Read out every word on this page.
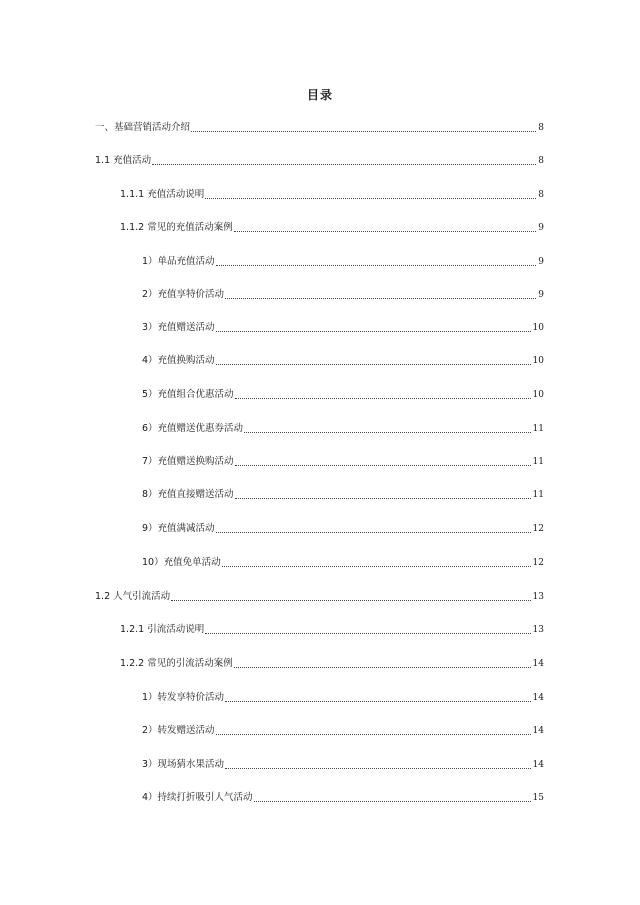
目录
一、基础营销活动介绍	8
1.1 充值活动	8
1.1.1 充值活动说明	8
1.1.2 常见的充值活动案例	9
1）单品充值活动	9
2）充值享特价活动	9
3）充值赠送活动	10
4）充值换购活动	10
5）充值组合优惠活动	10
6）充值赠送优惠券活动	11
7）充值赠送换购活动	11
8）充值直接赠送活动	11
9）充值满减活动	12
10）充值免单活动	12
1.2 人气引流活动	13
1.2.1 引流活动说明	13
1.2.2 常见的引流活动案例	14
1）转发享特价活动	14
2）转发赠送活动	14
3）现场猜水果活动	14
4）持续打折吸引人气活动	15
